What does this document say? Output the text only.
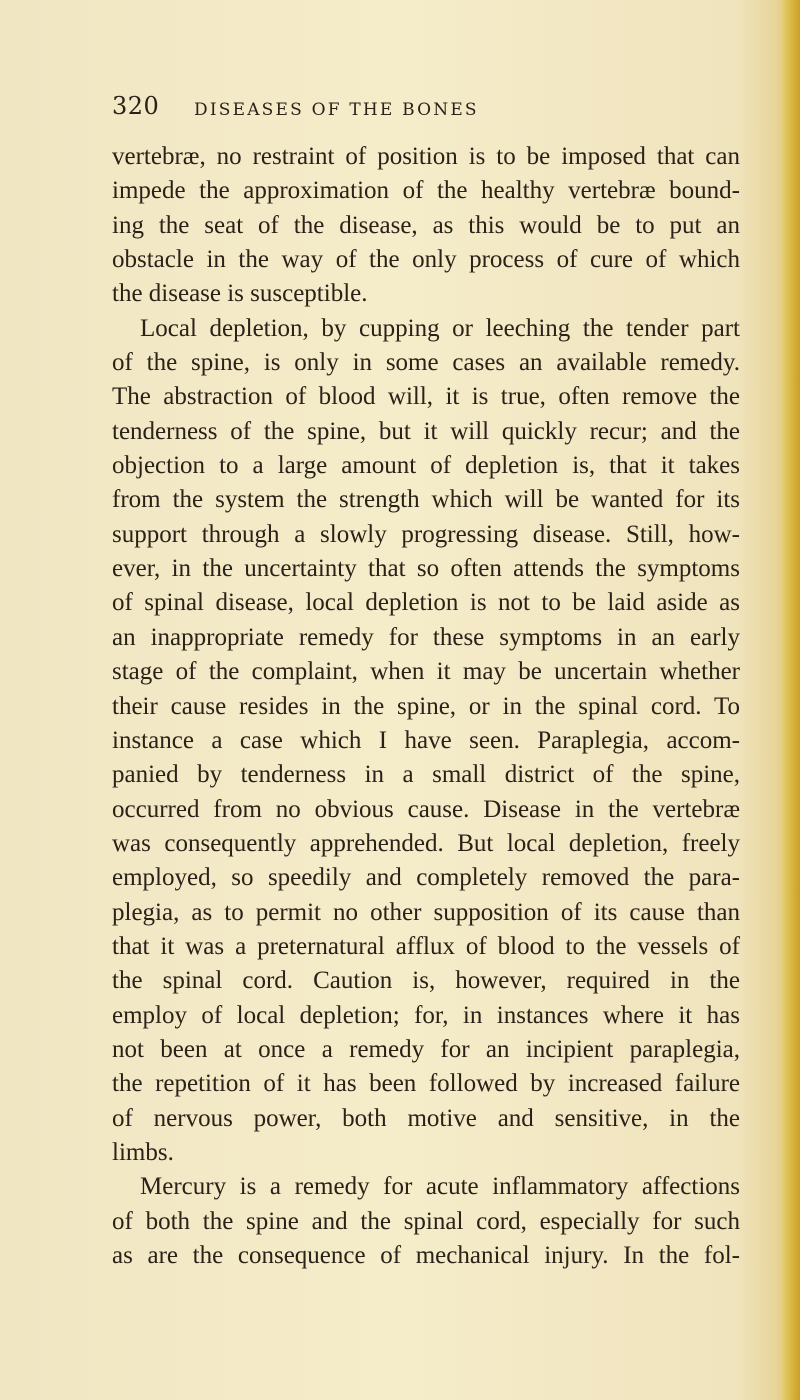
320 DISEASES OF THE BONES
vertebræ, no restraint of position is to be imposed that can
impede the approximation of the healthy vertebræ bound-
ing the seat of the disease, as this would be to put an
obstacle in the way of the only process of cure of which
the disease is susceptible.
Local depletion, by cupping or leeching the tender part
of the spine, is only in some cases an available remedy.
The abstraction of blood will, it is true, often remove the
tenderness of the spine, but it will quickly recur; and the
objection to a large amount of depletion is, that it takes
from the system the strength which will be wanted for its
support through a slowly progressing disease. Still, how-
ever, in the uncertainty that so often attends the symptoms
of spinal disease, local depletion is not to be laid aside as
an inappropriate remedy for these symptoms in an early
stage of the complaint, when it may be uncertain whether
their cause resides in the spine, or in the spinal cord. To
instance a case which I have seen. Paraplegia, accom-
panied by tenderness in a small district of the spine,
occurred from no obvious cause. Disease in the vertebræ
was consequently apprehended. But local depletion, freely
employed, so speedily and completely removed the para-
plegia, as to permit no other supposition of its cause than
that it was a preternatural afflux of blood to the vessels of
the spinal cord. Caution is, however, required in the
employ of local depletion; for, in instances where it has
not been at once a remedy for an incipient paraplegia,
the repetition of it has been followed by increased failure
of nervous power, both motive and sensitive, in the
limbs.
Mercury is a remedy for acute inflammatory affections
of both the spine and the spinal cord, especially for such
as are the consequence of mechanical injury. In the fol-
